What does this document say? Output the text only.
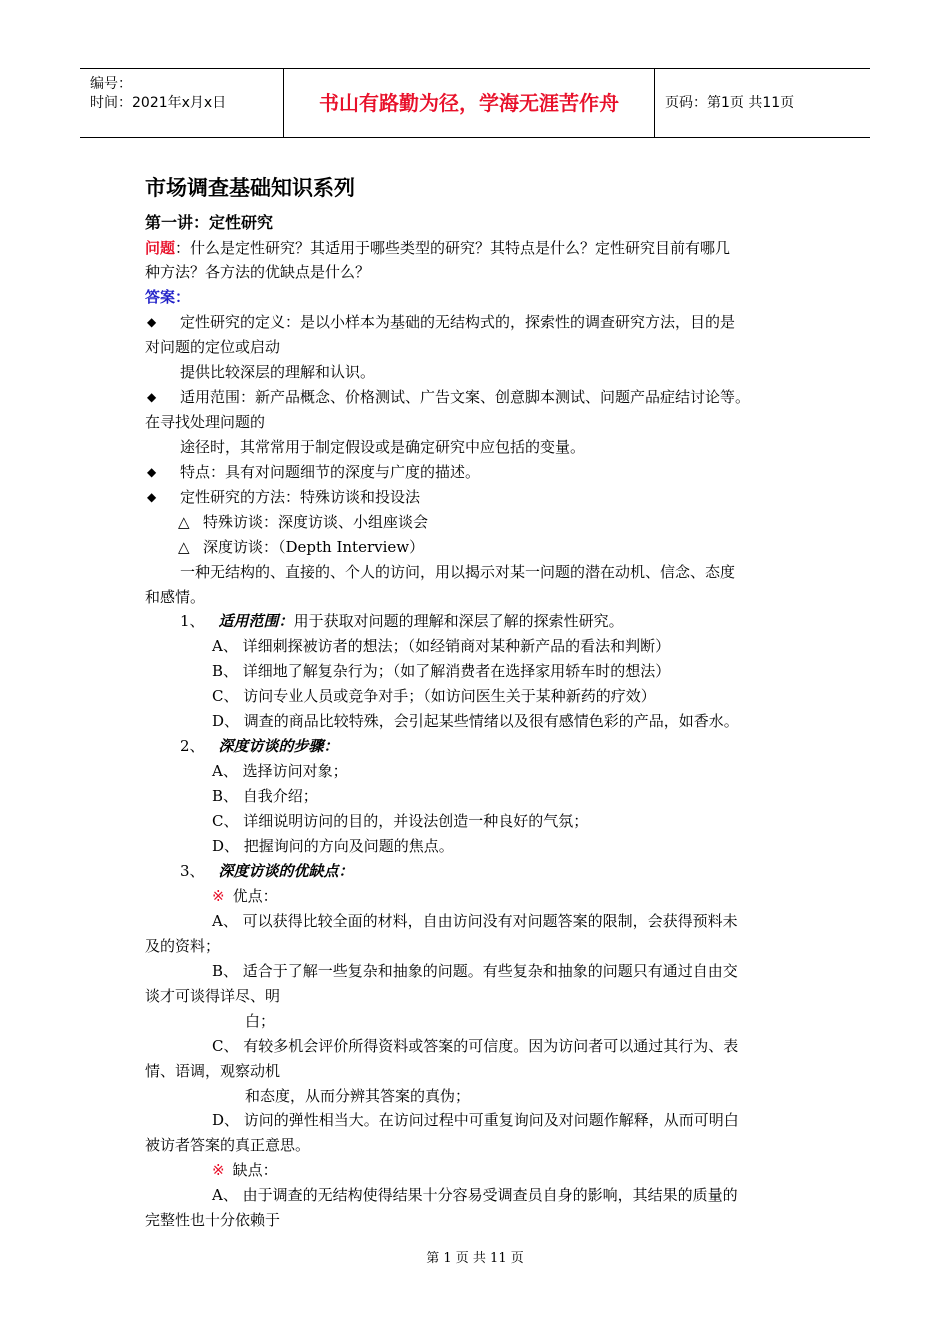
编号：
时间：2021年x月x日	书山有路勤为径，学海无涯苦作舟	页码：第1页 共11页
市场调查基础知识系列
第一讲：定性研究
问题：什么是定性研究？其适用于哪些类型的研究？其特点是什么？定性研究目前有哪几
种方法？各方法的优缺点是什么？
答案：
◆ 定性研究的定义：是以小样本为基础的无结构式的，探索性的调查研究方法，目的是
对问题的定位或启动
提供比较深层的理解和认识。
◆ 适用范围：新产品概念、价格测试、广告文案、创意脚本测试、问题产品症结讨论等。
在寻找处理问题的
途径时，其常常用于制定假设或是确定研究中应包括的变量。
◆ 特点：具有对问题细节的深度与广度的描述。
◆ 定性研究的方法：特殊访谈和投设法
△ 特殊访谈：深度访谈、小组座谈会
△ 深度访谈：（Depth Interview）
一种无结构的、直接的、个人的访问，用以揭示对某一问题的潜在动机、信念、态度
和感情。
1、 适用范围：用于获取对问题的理解和深层了解的探索性研究。
A、 详细刺探被访者的想法；（如经销商对某种新产品的看法和判断）
B、 详细地了解复杂行为；（如了解消费者在选择家用轿车时的想法）
C、 访问专业人员或竞争对手；（如访问医生关于某种新药的疗效）
D、 调查的商品比较特殊，会引起某些情绪以及很有感情色彩的产品，如香水。
2、 深度访谈的步骤：
A、 选择访问对象；
B、 自我介绍；
C、 详细说明访问的目的，并设法创造一种良好的气氛；
D、 把握询问的方向及问题的焦点。
3、 深度访谈的优缺点：
※ 优点：
A、 可以获得比较全面的材料，自由访问没有对问题答案的限制，会获得预料未
及的资料；
B、 适合于了解一些复杂和抽象的问题。有些复杂和抽象的问题只有通过自由交
谈才可谈得详尽、明
白；
C、 有较多机会评价所得资料或答案的可信度。因为访问者可以通过其行为、表
情、语调，观察动机
和态度，从而分辨其答案的真伪；
D、 访问的弹性相当大。在访问过程中可重复询问及对问题作解释，从而可明白
被访者答案的真正意思。
※ 缺点：
A、 由于调查的无结构使得结果十分容易受调查员自身的影响，其结果的质量的
完整性也十分依赖于
第 1 页 共 11 页
